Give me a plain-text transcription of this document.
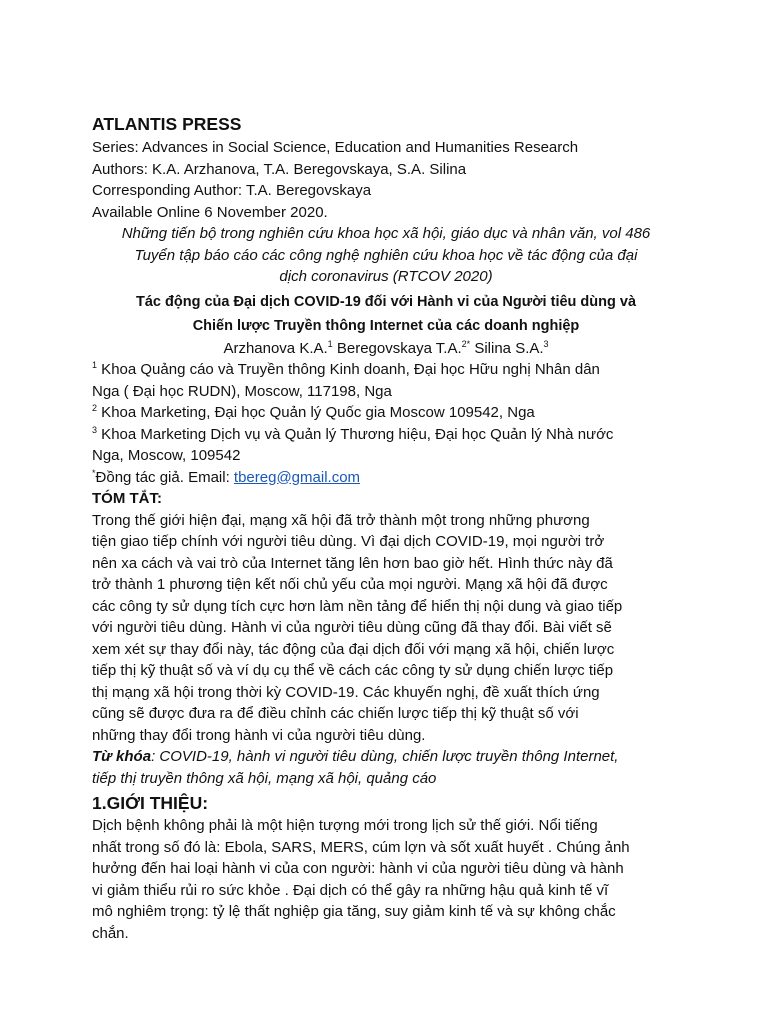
ATLANTIS PRESS
Series: Advances in Social Science, Education and Humanities Research
Authors: K.A. Arzhanova, T.A. Beregovskaya, S.A. Silina
Corresponding Author: T.A. Beregovskaya
Available Online 6 November 2020.
Những tiến bộ trong nghiên cứu khoa học xã hội, giáo dục và nhân văn, vol 486
Tuyển tập báo cáo các công nghệ nghiên cứu khoa học về tác động của đại
dịch coronavirus (RTCOV 2020)
Tác động của Đại dịch COVID-19 đối với Hành vi của Người tiêu dùng và
Chiến lược Truyền thông Internet của các doanh nghiệp
Arzhanova K.A.$^1$ Beregovskaya T.A.$^{2*}$ Silina S.A.$^3$
$^1$ Khoa Quảng cáo và Truyền thông Kinh doanh, Đại học Hữu nghị Nhân dân
Nga ( Đại học RUDN), Moscow, 117198, Nga
$^2$ Khoa Marketing, Đại học Quản lý Quốc gia Moscow 109542, Nga
$^3$ Khoa Marketing Dịch vụ và Quản lý Thương hiệu, Đại học Quản lý Nhà nước
Nga, Moscow, 109542
*Đồng tác giả. Email: tbereg@gmail.com
TÓM TẮT:
Trong thế giới hiện đại, mạng xã hội đã trở thành một trong những phương
tiện giao tiếp chính với người tiêu dùng. Vì đại dịch COVID-19, mọi người trở
nên xa cách và vai trò của Internet tăng lên hơn bao giờ hết. Hình thức này đã
trở thành 1 phương tiện kết nối chủ yếu của mọi người. Mạng xã hội đã được
các công ty sử dụng tích cực hơn làm nền tảng để hiển thị nội dung và giao tiếp
với người tiêu dùng. Hành vi của người tiêu dùng cũng đã thay đổi. Bài viết sẽ
xem xét sự thay đổi này, tác động của đại dịch đối với mạng xã hội, chiến lược
tiếp thị kỹ thuật số và ví dụ cụ thể về cách các công ty sử dụng chiến lược tiếp
thị mạng xã hội trong thời kỳ COVID-19. Các khuyến nghị, đề xuất thích ứng
cũng sẽ được đưa ra để điều chỉnh các chiến lược tiếp thị kỹ thuật số với
những thay đổi trong hành vi của người tiêu dùng.
Từ khóa: COVID-19, hành vi người tiêu dùng, chiến lược truyền thông Internet,
tiếp thị truyền thông xã hội, mạng xã hội, quảng cáo
1.GIỚI THIỆU:
Dịch bệnh không phải là một hiện tượng mới trong lịch sử thế giới. Nổi tiếng
nhất trong số đó là: Ebola, SARS, MERS, cúm lợn và sốt xuất huyết . Chúng ảnh
hưởng đến hai loại hành vi của con người: hành vi của người tiêu dùng và hành
vi giảm thiểu rủi ro sức khỏe . Đại dịch có thể gây ra những hậu quả kinh tế vĩ
mô nghiêm trọng: tỷ lệ thất nghiệp gia tăng, suy giảm kinh tế và sự không chắc
chắn.
